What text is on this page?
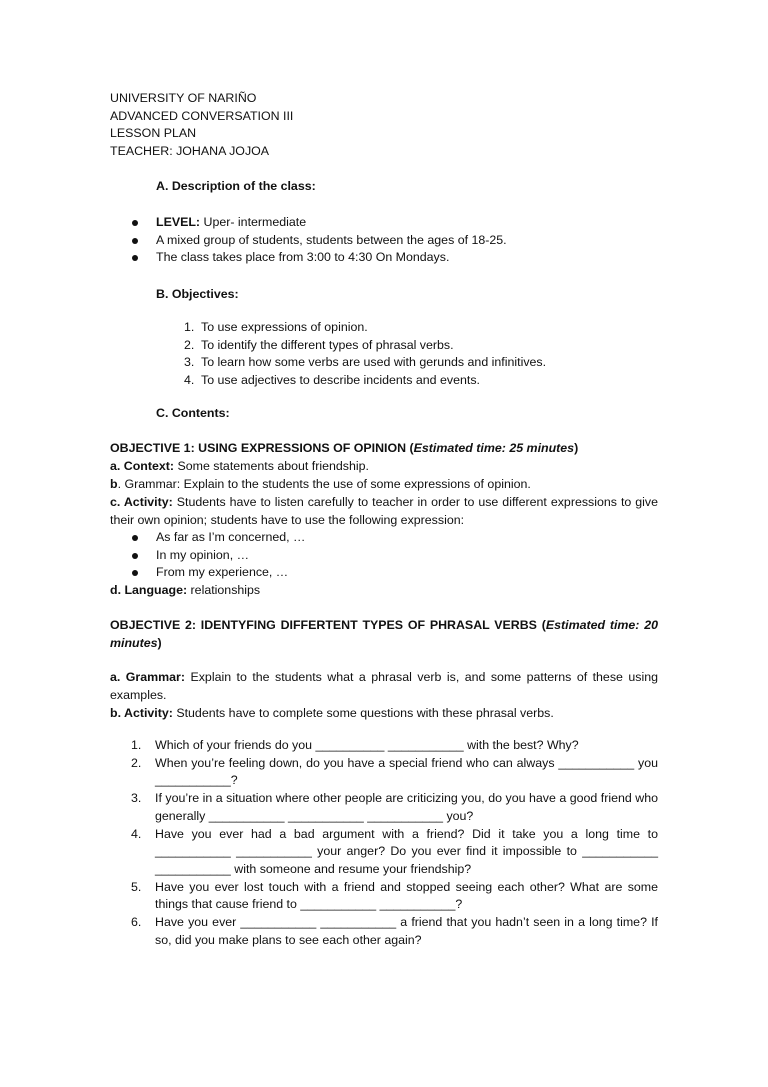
UNIVERSITY OF NARIÑO
ADVANCED CONVERSATION III
LESSON PLAN
TEACHER: JOHANA JOJOA
A. Description of the class:
LEVEL: Uper- intermediate
A mixed group of students, students between the ages of 18-25.
The class takes place from 3:00 to 4:30 On Mondays.
B. Objectives:
1. To use expressions of opinion.
2. To identify the different types of phrasal verbs.
3. To learn how some verbs are used with gerunds and infinitives.
4. To use adjectives to describe incidents and events.
C. Contents:
OBJECTIVE 1: USING EXPRESSIONS OF OPINION (Estimated time: 25 minutes)
a. Context: Some statements about friendship.
b. Grammar: Explain to the students the use of some expressions of opinion.
c. Activity: Students have to listen carefully to teacher in order to use different expressions to give their own opinion; students have to use the following expression:
As far as I’m concerned, …
In my opinion, …
From my experience, …
d. Language: relationships
OBJECTIVE 2: IDENTYFING DIFFERTENT TYPES OF PHRASAL VERBS (Estimated time: 20 minutes)
a. Grammar: Explain to the students what a phrasal verb is, and some patterns of these using examples.
b. Activity: Students have to complete some questions with these phrasal verbs.
1. Which of your friends do you __________ ___________ with the best? Why?
2. When you’re feeling down, do you have a special friend who can always ___________ you ___________?
3. If you’re in a situation where other people are criticizing you, do you have a good friend who generally ___________ ___________ ___________ you?
4. Have you ever had a bad argument with a friend? Did it take you a long time to ___________ ___________ your anger? Do you ever find it impossible to ___________ ___________ with someone and resume your friendship?
5. Have you ever lost touch with a friend and stopped seeing each other? What are some things that cause friend to ___________ ___________?
6. Have you ever ___________ ___________ a friend that you hadn’t seen in a long time? If so, did you make plans to see each other again?
